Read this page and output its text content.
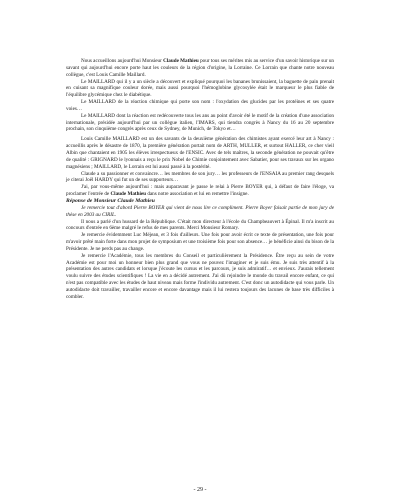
Nous accueillons aujourd'hui Monsieur Claude Mathieu pour tous ses mérites mis au service d'un savoir historique sur un savant qui aujourd'hui encore porte haut les couleurs de la région d'origine, la Lorraine. Ce Lorrain que chante notre nouveau collègue, c'est Louis Camille Maillard.

Le MAILLARD qui il y a un siècle a découvert et expliqué pourquoi les bananes brunissaient, la baguette de pain prenait en cuisant sa magnifique couleur dorée, mais aussi pourquoi l'hémoglobine glycosylée était le marqueur le plus fiable de l'équilibre glycémique chez le diabétique.

Le MAILLARD de la réaction chimique qui porte son nom : l'oxydation des glucides par les protéines et ses quatre voies…

Le MAILLARD dont la réaction est redécouverte tous les ans au point d'avoir été le motif de la création d'une association internationale, présidée aujourd'hui par un collègue italien, l'IMARS, qui tiendra congrès à Nancy du 16 au 20 septembre prochain, son cinquième congrès après ceux de Sydney, de Munich, de Tokyo et…

Louis Camille MAILLARD est un des savants de la deuxième génération des chimistes ayant exercé leur art à Nancy : accueillis après le désastre de 1870, la première génération portait nom de ARTH, MULLER, et surtout HALLER, ce cher vieil Albin que chantaient en 1905 les élèves irrespectueux de l'ENSIC. Avec de tels maîtres, la seconde génération ne pouvait qu'être de qualité : GRIGNARD le lyonnais a reçu le prix Nobel de Chimie conjointement avec Sabatier, pour ses travaux sur les organo magnésiens ; MAILLARD, le Lorrain est lui aussi passé à la postérité.

Claude a su passionner et convaincre… les membres de son jury… les professeurs de l'ENSAIA au premier rang desquels je citerai Joël HARDY qui fut un de ses supporteurs…

J'ai, par vous-même aujourd'hui : mais auparavant je passe le relai à Pierre BOYER qui, à défaut de faire l'éloge, va proclamer l'entrée de Claude Mathieu dans notre association et lui en remettre l'insigne.

Réponse de Monsieur Claude Mathieu

Je remercie tout d'abord Pierre BOYER qui vient de nous lire ce compliment. Pierre Boyer faisait partie de mon jury de thèse en 2003 au CIRIL.

Il nous a parlé d'un hussard de la République. C'était mon directeur à l'école du Champbeauvert à Épinal. Il m'a inscrit au concours d'entrée en 6ème malgré le refus de mes parents. Merci Monsieur Romary.

Je remercie évidemment Luc Méjean, et 3 fois d'ailleurs. Une fois pour avoir écrit ce texte de présentation, une fois pour m'avoir prêté main forte dans mon projet de symposium et une troisième fois pour son absence… je bénéficie ainsi du bison de la Présidente. Je ne perds pas au change.

Je remercie l'Académie, tous les membres du Conseil et particulièrement la Présidence. Être reçu au sein de votre Académie est pour moi un honneur bien plus grand que vous ne pouvez l'imaginer et je suis ému. Je suis très attentif à la présentation des autres candidats et lorsque j'écoute les cursus et les parcours, je suis admiratif… et envieux. J'aurais tellement voulu suivre des études scientifiques ! La vie en a décidé autrement. J'ai dû rejoindre le monde du travail encore enfant, ce qui n'est pas compatible avec les études de haut niveau mais forme l'individu autrement. C'est donc un autodidacte qui vous parle. Un autodidacte doit travailler, travailler encore et encore davantage mais il lui restera toujours des lacunes de base très difficiles à combler.

- 29 -
